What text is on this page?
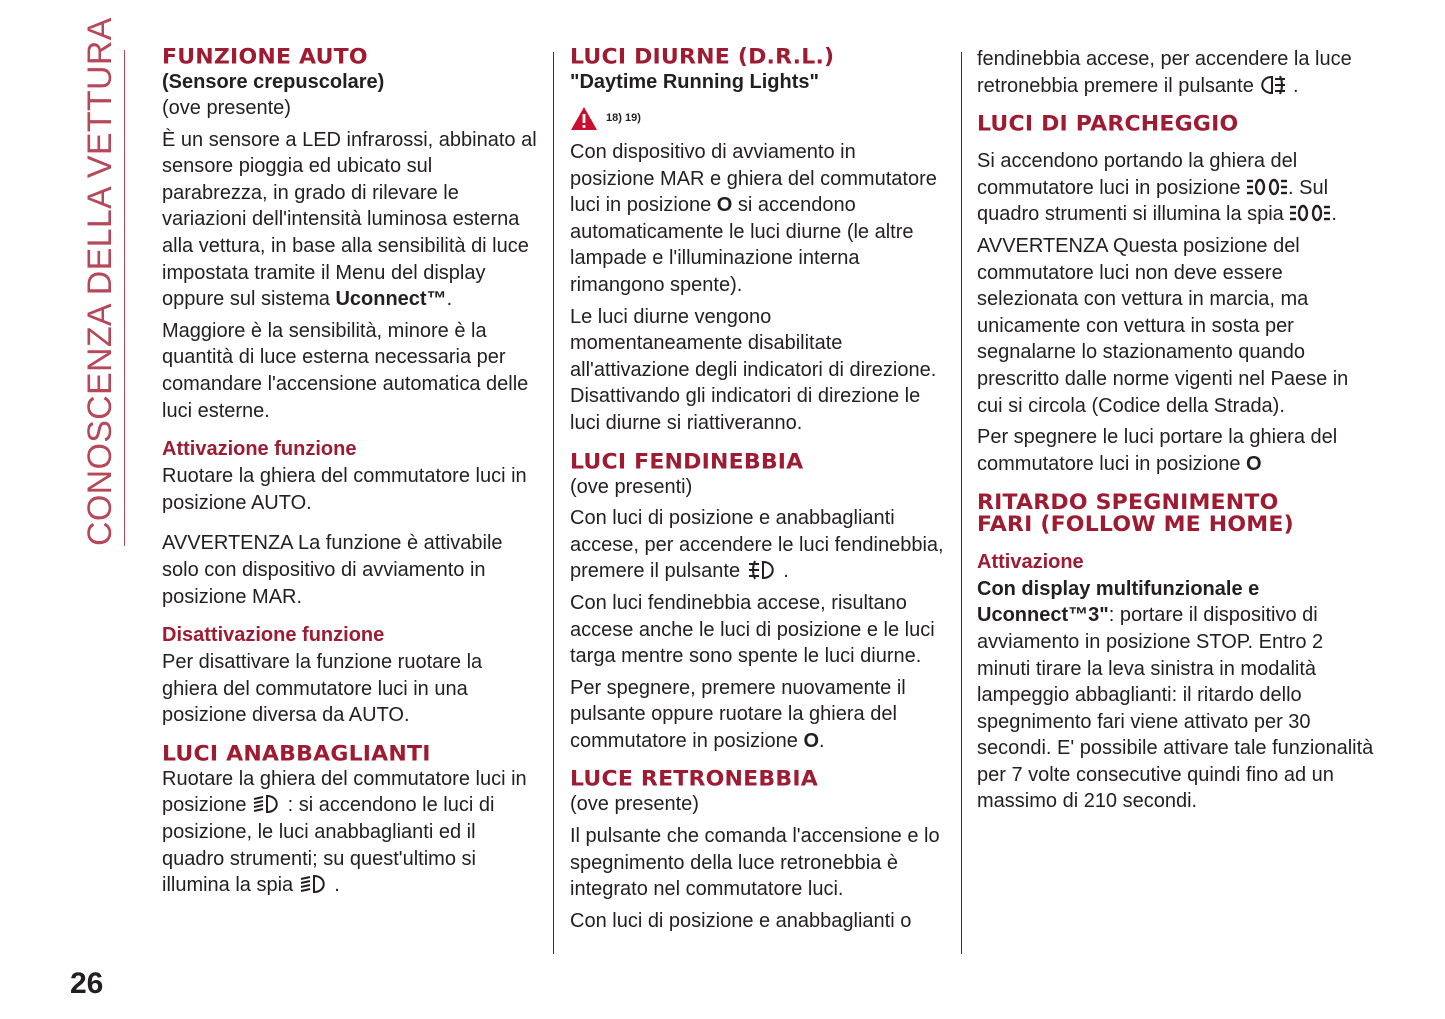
CONOSCENZA DELLA VETTURA FUNZIONE AUTO
(Sensore crepuscolare)

(ove presente)

È un sensore a LED infrarossi, abbinato al sensore pioggia ed ubicato sul parabrezza, in grado di rilevare le variazioni dell'intensità luminosa esterna alla vettura, in base alla sensibilità di luce impostata tramite il Menu del display oppure sul sistema Uconnect™.

Maggiore è la sensibilità, minore è la quantità di luce esterna necessaria per comandare l'accensione automatica delle luci esterne.

Attivazione funzione

Ruotare la ghiera del commutatore luci in posizione AUTO.

AVVERTENZA La funzione è attivabile solo con dispositivo di avviamento in posizione MAR.

Disattivazione funzione

Per disattivare la funzione ruotare la ghiera del commutatore luci in una posizione diversa da AUTO.

LUCI ANABBAGLIANTI

Ruotare la ghiera del commutatore luci in posizione : si accendono le luci di posizione, le luci anabbaglianti ed il quadro strumenti; su quest'ultimo si illumina la spia .

LUCI DIURNE (D.R.L.)
"Daytime Running Lights"
18) 19)

Con dispositivo di avviamento in posizione MAR e ghiera del commutatore luci in posizione O si accendono automaticamente le luci diurne (le altre lampade e l'illuminazione interna rimangono spente).

Le luci diurne vengono momentaneamente disabilitate all'attivazione degli indicatori di direzione. Disattivando gli indicatori di direzione le luci diurne si riattiveranno.

LUCI FENDINEBBIA

(ove presenti)

Con luci di posizione e anabbaglianti accese, per accendere le luci fendinebbia, premere il pulsante .

Con luci fendinebbia accese, risultano accese anche le luci di posizione e le luci targa mentre sono spente le luci diurne.

Per spegnere, premere nuovamente il pulsante oppure ruotare la ghiera del commutatore in posizione O.

LUCE RETRONEBBIA

(ove presente)

Il pulsante che comanda l'accensione e lo spegnimento della luce retronebbia è integrato nel commutatore luci.

Con luci di posizione e anabbaglianti o

fendinebbia accese, per accendere la luce retronebbia premere il pulsante .

LUCI DI PARCHEGGIO

Si accendono portando la ghiera del commutatore luci in posizione . Sul quadro strumenti si illumina la spia .

AVVERTENZA Questa posizione del commutatore luci non deve essere selezionata con vettura in marcia, ma unicamente con vettura in sosta per segnalarne lo stazionamento quando prescritto dalle norme vigenti nel Paese in cui si circola (Codice della Strada).

Per spegnere le luci portare la ghiera del commutatore luci in posizione O

RITARDO SPEGNIMENTO
FARI (FOLLOW ME HOME)
Attivazione
Con display multifunzionale e

Uconnect™3": portare il dispositivo di avviamento in posizione STOP. Entro 2 minuti tirare la leva sinistra in modalità lampeggio abbaglianti: il ritardo dello spegnimento fari viene attivato per 30 secondi. E' possibile attivare tale funzionalità per 7 volte consecutive quindi fino ad un massimo di 210 secondi.

26
